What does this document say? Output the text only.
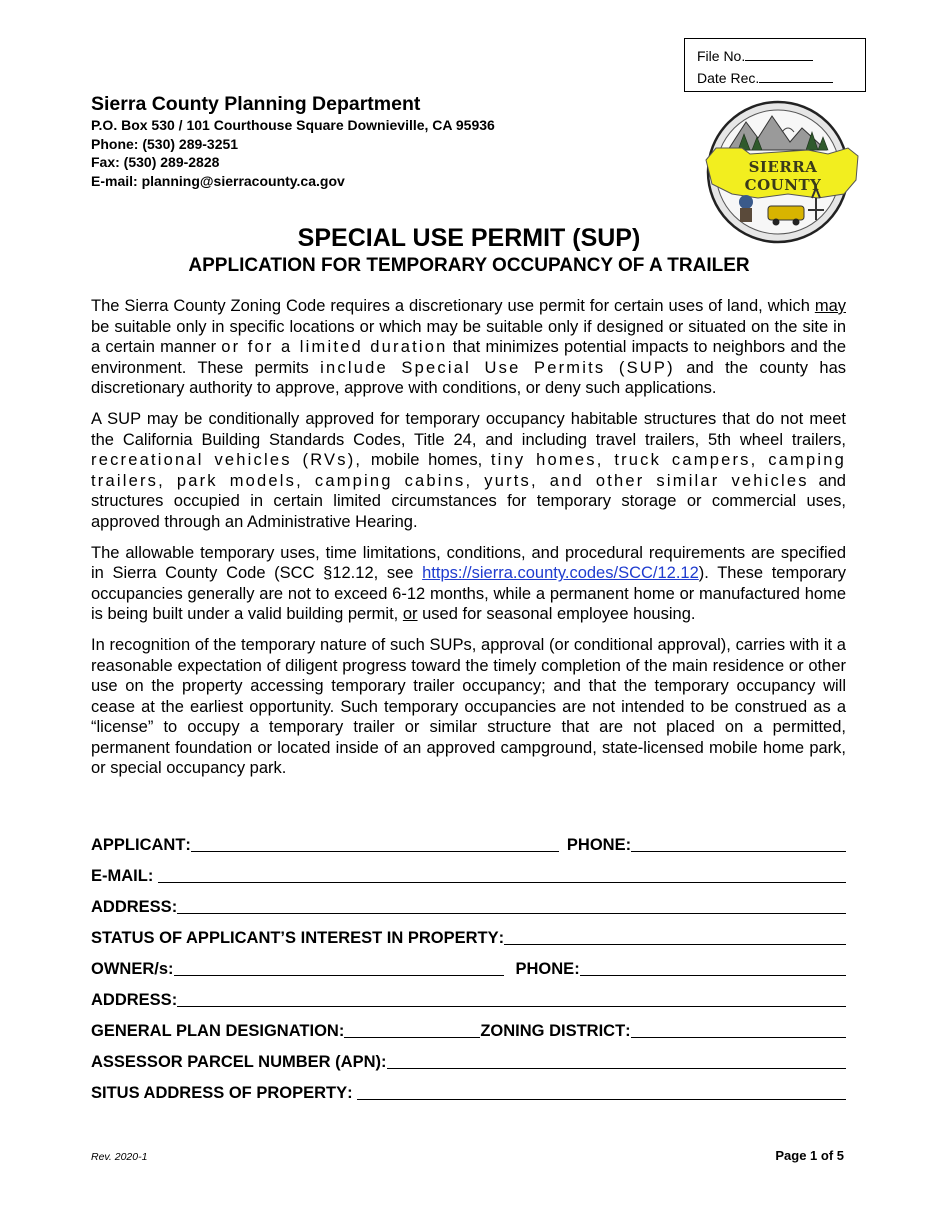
File No.
Date Rec.
Sierra County Planning Department
P.O. Box 530 / 101 Courthouse Square Downieville, CA 95936
Phone: (530) 289-3251
Fax: (530) 289-2828
E-mail: planning@sierracounty.ca.gov
SIERRA COUNTY
SPECIAL USE PERMIT (SUP)
APPLICATION FOR TEMPORARY OCCUPANCY OF A TRAILER

The Sierra County Zoning Code requires a discretionary use permit for certain uses of land, which may be suitable only in specific locations or which may be suitable only if designed or situated on the site in a certain manner or for a limited duration that minimizes potential impacts to neighbors and the environment. These permits include Special Use Permits (SUP) and the county has discretionary authority to approve, approve with conditions, or deny such applications.

A SUP may be conditionally approved for temporary occupancy habitable structures that do not meet the California Building Standards Codes, Title 24, and including travel trailers, 5th wheel trailers, recreational vehicles (RVs), mobile homes, tiny homes, truck campers, camping trailers, park models, camping cabins, yurts, and other similar vehicles and structures occupied in certain limited circumstances for temporary storage or commercial uses, approved through an Administrative Hearing.

The allowable temporary uses, time limitations, conditions, and procedural requirements are specified in Sierra County Code (SCC §12.12, see https://sierra.county.codes/SCC/12.12). These temporary occupancies generally are not to exceed 6-12 months, while a permanent home or manufactured home is being built under a valid building permit, or used for seasonal employee housing.

In recognition of the temporary nature of such SUPs, approval (or conditional approval), carries with it a reasonable expectation of diligent progress toward the timely completion of the main residence or other use on the property accessing temporary trailer occupancy; and that the temporary occupancy will cease at the earliest opportunity. Such temporary occupancies are not intended to be construed as a “license” to occupy a temporary trailer or similar structure that are not placed on a permitted, permanent foundation or located inside of an approved campground, state-licensed mobile home park, or special occupancy park.

APPLICANT :	PHONE :
E-MAIL :
ADDRESS :
STATUS OF APPLICANT’S INTEREST IN PROPERTY :
OWNER/s :	PHONE :
ADDRESS :
GENERAL PLAN DESIGNATION :	ZONING DISTRICT :
ASSESSOR PARCEL NUMBER (APN) :
SITUS ADDRESS OF PROPERTY :
Rev. 2020-1	Page 1 of 5
